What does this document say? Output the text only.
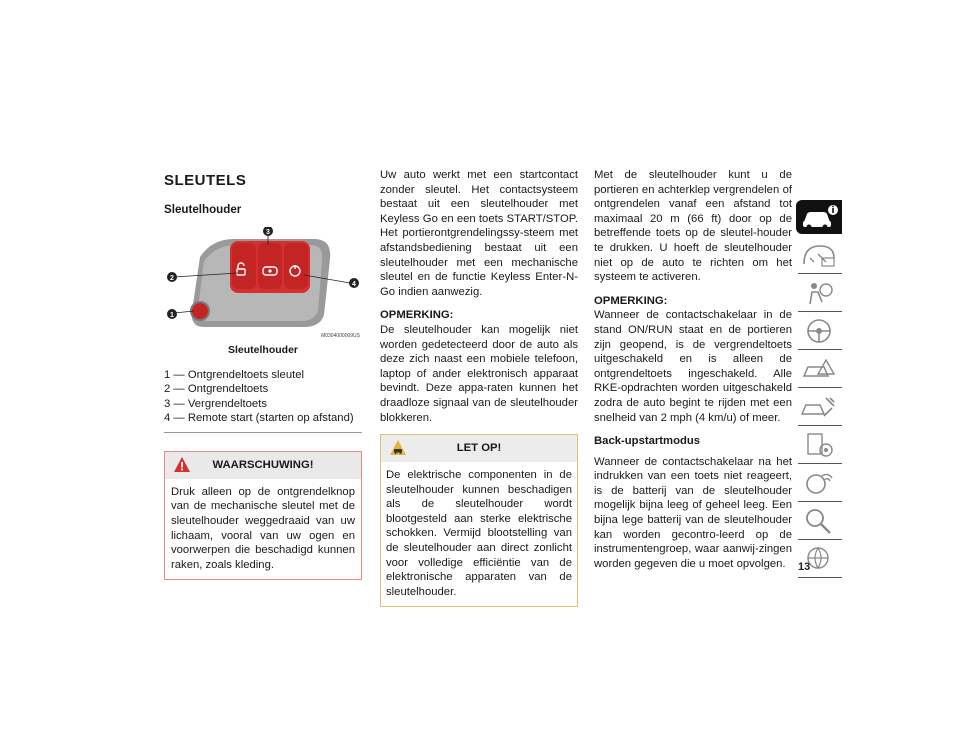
SLEUTELS
Sleutelhouder
3
2
4
1
M0304000009US
Sleutelhouder
1 — Ontgrendeltoets sleutel
2 — Ontgrendeltoets
3 — Vergrendeltoets
4 — Remote start (starten op afstand)
WAARSCHUWING!
Druk alleen op de ontgrendelknop van de mechanische sleutel met de sleutelhouder weggedraaid van uw lichaam, vooral van uw ogen en voorwerpen die beschadigd kunnen raken, zoals kleding.

Uw auto werkt met een startcontact zonder sleutel. Het contactsysteem bestaat uit een sleutelhouder met Keyless Go en een toets START/STOP. Het portierontgrendelingssy-steem met afstandsbediening bestaat uit een sleutelhouder met een mechanische sleutel en de functie Keyless Enter-N-Go indien aanwezig.

OPMERKING:

De sleutelhouder kan mogelijk niet worden gedetecteerd door de auto als deze zich naast een mobiele telefoon, laptop of ander elektronisch apparaat bevindt. Deze appa-raten kunnen het draadloze signaal van de sleutelhouder blokkeren.

LET OP!
De elektrische componenten in de sleutelhouder kunnen beschadigen als de sleutelhouder wordt blootgesteld aan sterke elektrische schokken. Vermijd blootstelling van de sleutelhouder aan direct zonlicht voor volledige efficiëntie van de elektronische apparaten van de sleutelhouder.

Met de sleutelhouder kunt u de portieren en achterklep vergrendelen of ontgrendelen vanaf een afstand tot maximaal 20 m (66 ft) door op de betreffende toets op de sleutel-houder te drukken. U hoeft de sleutelhouder niet op de auto te richten om het systeem te activeren.

OPMERKING:

Wanneer de contactschakelaar in de stand ON/RUN staat en de portieren zijn geopend, is de vergrendeltoets uitgeschakeld en is alleen de ontgrendeltoets ingeschakeld. Alle RKE-opdrachten worden uitgeschakeld zodra de auto begint te rijden met een snelheid van 2 mph (4 km/u) of meer.

Back-upstartmodus

Wanneer de contactschakelaar na het indrukken van een toets niet reageert, is de batterij van de sleutelhouder mogelijk bijna leeg of geheel leeg. Een bijna lege batterij van de sleutelhouder kan worden gecontro-leerd op de instrumentengroep, waar aanwij-zingen worden gegeven die u moet opvolgen.	13
